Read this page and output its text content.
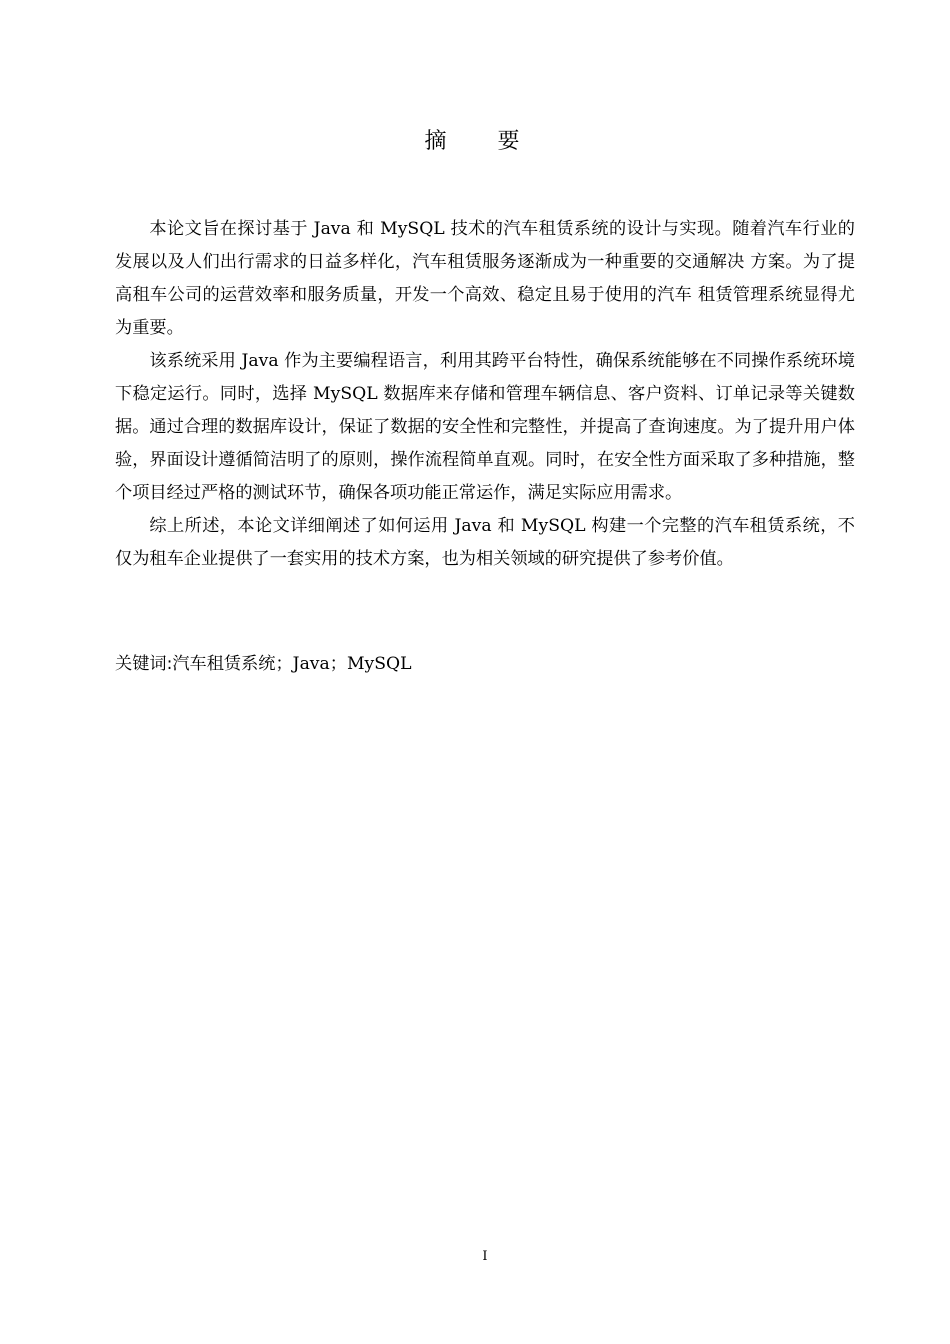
摘 要

本论文旨在探讨基于 Java 和 MySQL 技术的汽车租赁系统的设计与实现。随着汽车行业的发展以及人们出行需求的日益多样化，汽车租赁服务逐渐成为一种重要的交通解决 方案。为了提高租车公司的运营效率和服务质量，开发一个高效、稳定且易于使用的汽车 租赁管理系统显得尤为重要。

该系统采用 Java 作为主要编程语言，利用其跨平台特性，确保系统能够在不同操作系统环境下稳定运行。同时，选择 MySQL 数据库来存储和管理车辆信息、客户资料、订单记录等关键数据。通过合理的数据库设计，保证了数据的安全性和完整性，并提高了查询速度。为了提升用户体验，界面设计遵循简洁明了的原则，操作流程简单直观。同时，在安全性方面采取了多种措施，整个项目经过严格的测试环节，确保各项功能正常运作，满足实际应用需求。

综上所述，本论文详细阐述了如何运用 Java 和 MySQL 构建一个完整的汽车租赁系统，不仅为租车企业提供了一套实用的技术方案，也为相关领域的研究提供了参考价值。

关键词:汽车租赁系统；Java；MySQL
I
